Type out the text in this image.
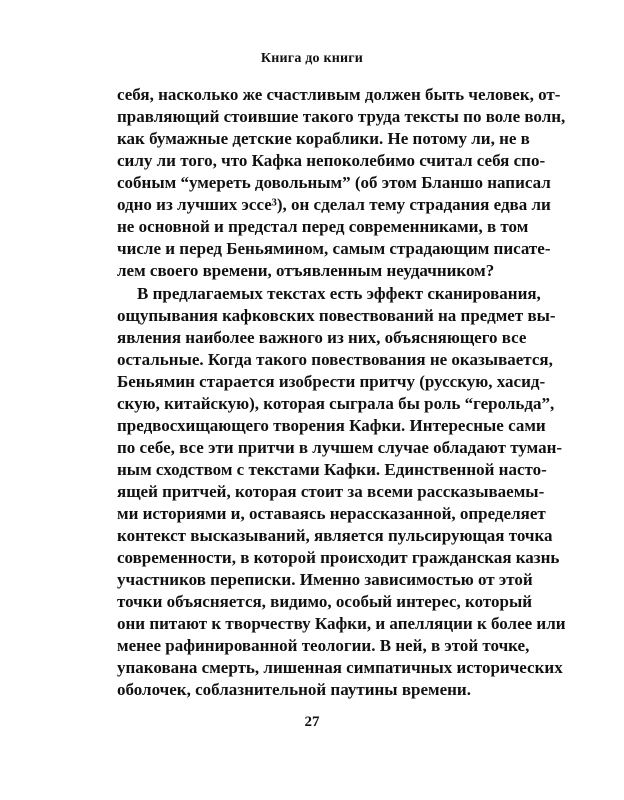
Книга до книги
себя, насколько же счастливым должен быть человек, от-
правляющий стоившие такого труда тексты по воле волн,
как бумажные детские кораблики. Не потому ли, не в
силу ли того, что Кафка непоколебимо считал себя спо-
собным “умереть довольным” (об этом Бланшо написал
одно из лучших эссе³), он сделал тему страдания едва ли
не основной и предстал перед современниками, в том
числе и перед Беньямином, самым страдающим писате-
лем своего времени, отъявленным неудачником?
В предлагаемых текстах есть эффект сканирования,
ощупывания кафковских повествований на предмет вы-
явления наиболее важного из них, объясняющего все
остальные. Когда такого повествования не оказывается,
Беньямин старается изобрести притчу (русскую, хасид-
скую, китайскую), которая сыграла бы роль “герольда”,
предвосхищающего творения Кафки. Интересные сами
по себе, все эти притчи в лучшем случае обладают туман-
ным сходством с текстами Кафки. Единственной насто-
ящей притчей, которая стоит за всеми рассказываемы-
ми историями и, оставаясь нерассказанной, определяет
контекст высказываний, является пульсирующая точка
современности, в которой происходит гражданская казнь
участников переписки. Именно зависимостью от этой
точки объясняется, видимо, особый интерес, который
они питают к творчеству Кафки, и апелляции к более или
менее рафинированной теологии. В ней, в этой точке,
упакована смерть, лишенная симпатичных исторических
оболочек, соблазнительной паутины времени.
27
